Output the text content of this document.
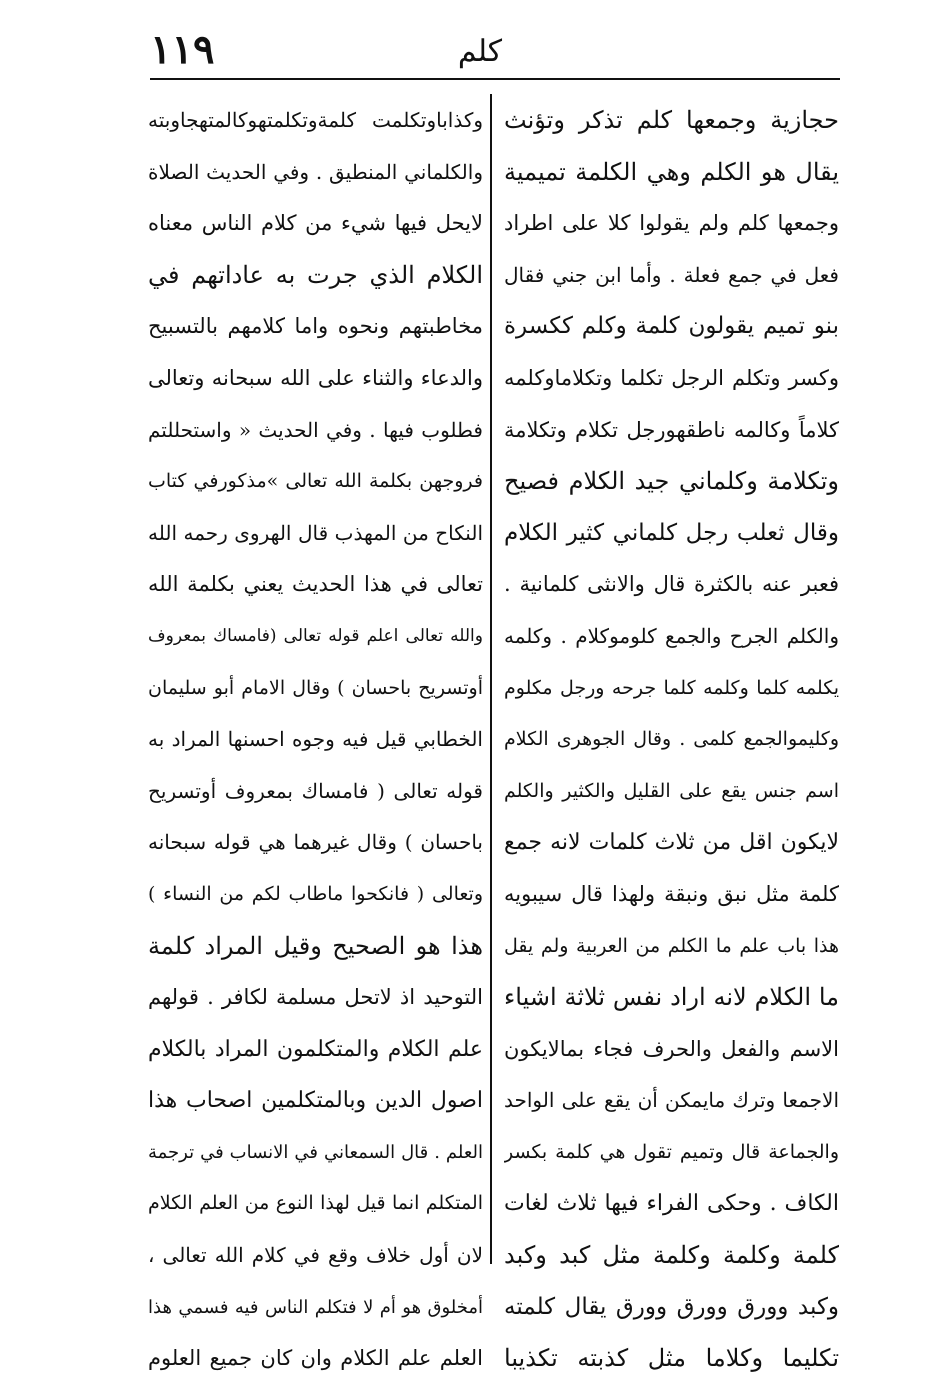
١١٩	كلم
حجازية وجمعها كلم تذكر وتؤنث
يقال هو الكلم وهي الكلمة تميمية
وجمعها كلم ولم يقولوا كلا على اطراد
فعل في جمع فعلة . وأما ابن جني فقال
بنو تميم يقولون كلمة وكلم ككسرة
وكسر وتكلم الرجل تكلما وتكلاماوكلمه
كلاماً وكالمه ناطقهورجل تكلام وتكلامة
وتكلامة وكلماني جيد الكلام فصيح
وقال ثعلب رجل كلماني كثير الكلام
فعبر عنه بالكثرة قال والانثى كلمانية .
والكلم الجرح والجمع كلوموكلام . وكلمه
يكلمه كلما وكلمه كلما جرحه ورجل مكلوم
وكليموالجمع كلمى . وقال الجوهرى الكلام
اسم جنس يقع على القليل والكثير والكلم
لايكون اقل من ثلاث كلمات لانه جمع
كلمة مثل نبق ونبقة ولهذا قال سيبويه
هذا باب علم ما الكلم من العربية ولم يقل
ما الكلام لانه اراد نفس ثلاثة اشياء
الاسم والفعل والحرف فجاء بمالايكون
الاجمعا وترك مايمكن أن يقع على الواحد
والجماعة قال وتميم تقول هي كلمة بكسر
الكاف . وحكى الفراء فيها ثلاث لغات
كلمة وكلمة وكلمة مثل كبد وكبد
وكبد وورق وورق وورق يقال كلمته
تكليما وكلاما مثل كذبته تكذيبا
وكذاباوتكلمت كلمةوتكلمتهوكالمتهجاوبته
والكلماني المنطيق . وفي الحديث الصلاة
لايحل فيها شيء من كلام الناس معناه
الكلام الذي جرت به عاداتهم في
مخاطبتهم ونحوه واما كلامهم بالتسبيح
والدعاء والثناء على الله سبحانه وتعالى
فطلوب فيها . وفي الحديث « واستحللتم
فروجهن بكلمة الله تعالى »مذكورفي كتاب
النكاح من المهذب قال الهروى رحمه الله
تعالى في هذا الحديث يعني بكلمة الله
والله تعالى اعلم قوله تعالى (فامساك بمعروف
أوتسريح باحسان ) وقال الامام أبو سليمان
الخطابي قيل فيه وجوه احسنها المراد به
قوله تعالى ( فامساك بمعروف أوتسريح
باحسان ) وقال غيرهما هي قوله سبحانه
وتعالى ( فانكحوا ماطاب لكم من النساء )
هذا هو الصحيح وقيل المراد كلمة
التوحيد اذ لاتحل مسلمة لكافر . قولهم
علم الكلام والمتكلمون المراد بالكلام
اصول الدين وبالمتكلمين اصحاب هذا
العلم . قال السمعاني في الانساب في ترجمة
المتكلم انما قيل لهذا النوع من العلم الكلام
لان أول خلاف وقع في كلام الله تعالى ،
أمخلوق هو أم لا فتكلم الناس فيه فسمي هذا
العلم علم الكلام وان كان جميع العلوم
